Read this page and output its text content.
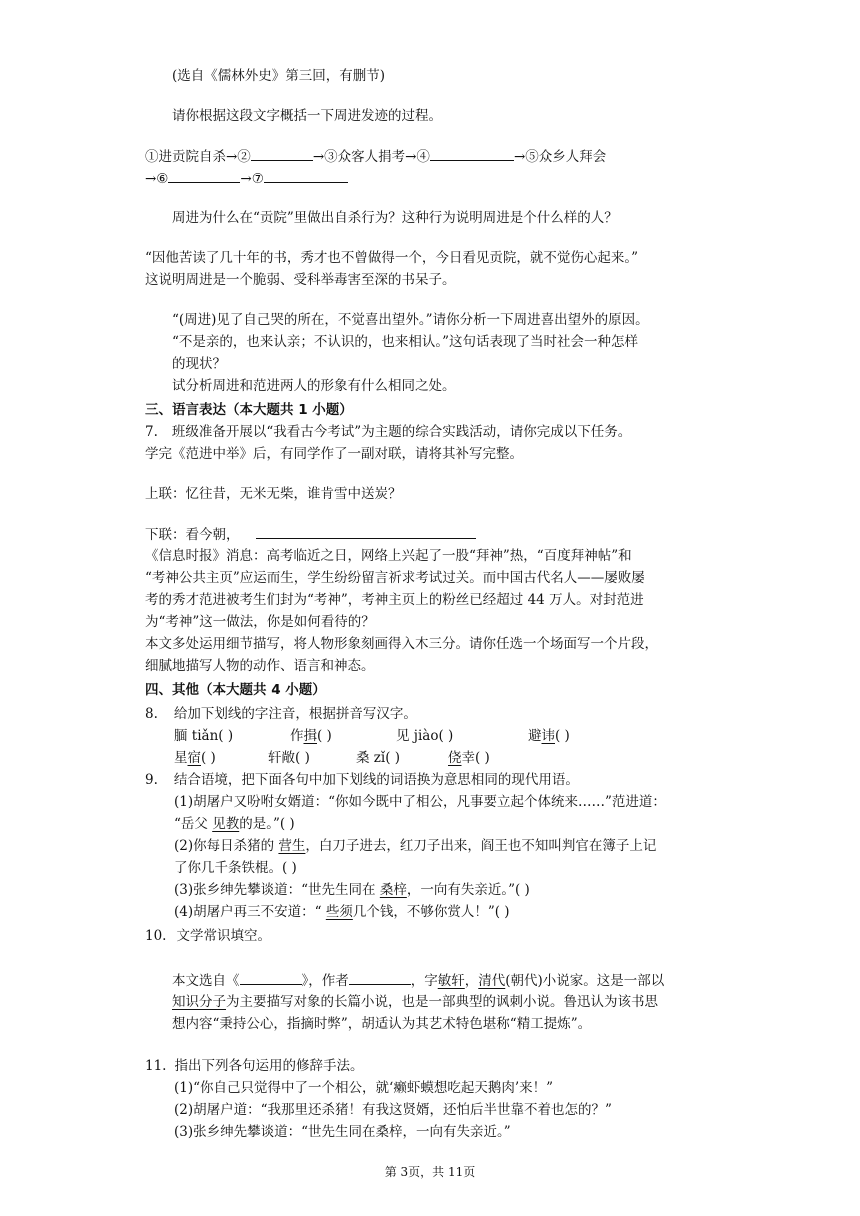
(选自《儒林外史》第三回，有删节)
请你根据这段文字概括一下周进发迹的过程。
①进贡院自杀→②	→③众客人捐考→④	→⑤众乡人拜会
→⑥	→⑦
周进为什么在“贡院”里做出自杀行为？这种行为说明周进是个什么样的人？
“因他苦读了几十年的书，秀才也不曾做得一个，今日看见贡院，就不觉伤心起来。”
这说明周进是一个脆弱、受科举毒害至深的书呆子。
“(周进)见了自己哭的所在，不觉喜出望外。”请你分析一下周进喜出望外的原因。
“不是亲的，也来认亲；不认识的，也来相认。”这句话表现了当时社会一种怎样
的现状？
试分析周进和范进两人的形象有什么相同之处。
三、语言表达（本大题共 1 小题）
7. 班级准备开展以“我看古今考试”为主题的综合实践活动，请你完成以下任务。
学完《范进中举》后，有同学作了一副对联，请将其补写完整。
上联：忆往昔，无米无柴，谁肯雪中送炭？
下联：看今朝，
《信息时报》消息：高考临近之日，网络上兴起了一股“拜神”热，“百度拜神帖”和
“考神公共主页”应运而生，学生纷纷留言祈求考试过关。而中国古代名人——屡败屡
考的秀才范进被考生们封为“考神”，考神主页上的粉丝已经超过 44 万人。对封范进
为“考神”这一做法，你是如何看待的？
本文多处运用细节描写，将人物形象刻画得入木三分。请你任选一个场面写一个片段，
细腻地描写人物的动作、语言和神态。
四、其他（本大题共 4 小题）
8. 给加下划线的字注音，根据拼音写汉字。
腼 tiǎn( )	作揖( )	见 jiào( )	避讳( )
星宿( )	轩敞( )	桑 zǐ( )	侥幸( )
9. 结合语境，把下面各句中加下划线的词语换为意思相同的现代用语。
(1)胡屠户又吩咐女婿道：“你如今既中了相公，凡事要立起个体统来……”范进道：
“岳父 见教的是。”( )
(2)你每日杀猪的 营生，白刀子进去，红刀子出来，阎王也不知叫判官在簿子上记
了你几千条铁棍。( )
(3)张乡绅先攀谈道：“世先生同在 桑梓，一向有失亲近。”( )
(4)胡屠户再三不安道：“ 些须几个钱，不够你赏人！”( )
10. 文学常识填空。
本文选自《	》，作者	，字敏轩，清代(朝代)小说家。这是一部以
知识分子为主要描写对象的长篇小说，也是一部典型的讽刺小说。鲁迅认为该书思
想内容“秉持公心，指摘时弊”，胡适认为其艺术特色堪称“精工提炼”。
11. 指出下列各句运用的修辞手法。
(1)“你自己只觉得中了一个相公，就‘癞虾蟆想吃起天鹅肉’来！”
(2)胡屠户道：“我那里还杀猪！有我这贤婿，还怕后半世靠不着也怎的？”
(3)张乡绅先攀谈道：“世先生同在桑梓，一向有失亲近。”
第 3页，共 11页
